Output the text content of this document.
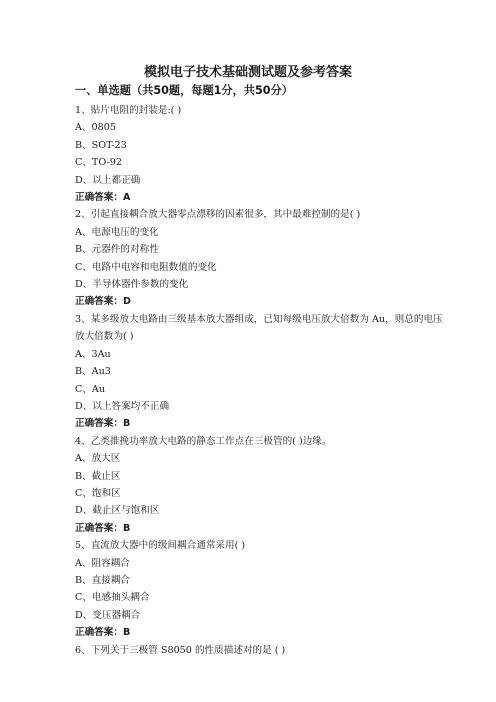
模拟电子技术基础测试题及参考答案
一、单选题（共50题，每题1分，共50分）
1、贴片电阻的封装是:( )
A、0805
B、SOT-23
C、TO-92
D、以上都正确
正确答案：A
2、引起直接耦合放大器零点漂移的因素很多，其中最难控制的是( )
A、电源电压的变化
B、元器件的对称性
C、电路中电容和电阻数值的变化
D、半导体器件参数的变化
正确答案：D
3、某多级放大电路由三级基本放大器组成，已知每级电压放大倍数为 Au，则总的电压放大倍数为( )
A、3Au
B、Au3
C、Au
D、以上答案均不正确
正确答案：B
4、乙类推挽功率放大电路的静态工作点在三极管的( )边缘。
A、放大区
B、截止区
C、饱和区
D、截止区与饱和区
正确答案：B
5、直流放大器中的级间耦合通常采用( )
A、阻容耦合
B、直接耦合
C、电感抽头耦合
D、变压器耦合
正确答案：B
6、下列关于三极管 S8050 的性质描述对的是 ( )
